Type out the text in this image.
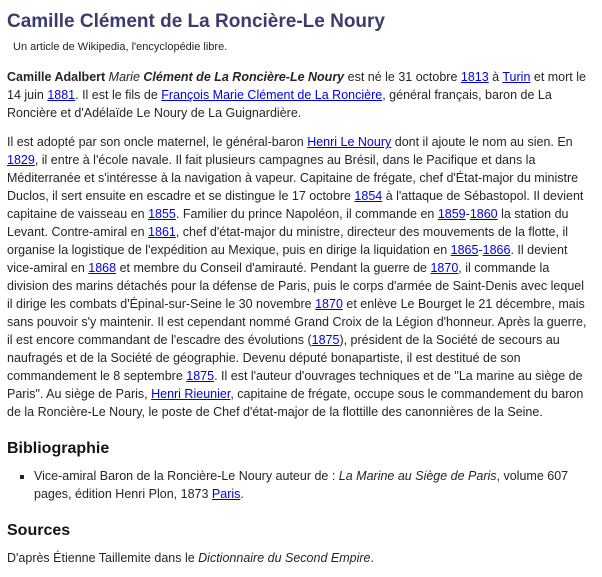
Camille Clément de La Roncière-Le Noury

Un article de Wikipedia, l'encyclopédie libre.

Camille Adalbert Marie Clément de La Roncière-Le Noury est né le 31 octobre 1813 à Turin et mort le 14 juin 1881. Il est le fils de François Marie Clément de La Roncière, général français, baron de La Roncière et d'Adélaïde Le Noury de La Guignardière.

Il est adopté par son oncle maternel, le général-baron Henri Le Noury dont il ajoute le nom au sien. En 1829, il entre à l'école navale. Il fait plusieurs campagnes au Brésil, dans le Pacifique et dans la Méditerranée et s'intéresse à la navigation à vapeur. Capitaine de frégate, chef d'État-major du ministre Duclos, il sert ensuite en escadre et se distingue le 17 octobre 1854 à l'attaque de Sébastopol. Il devient capitaine de vaisseau en 1855. Familier du prince Napoléon, il commande en 1859-1860 la station du Levant. Contre-amiral en 1861, chef d'état-major du ministre, directeur des mouvements de la flotte, il organise la logistique de l'expédition au Mexique, puis en dirige la liquidation en 1865-1866. Il devient vice-amiral en 1868 et membre du Conseil d'amirauté. Pendant la guerre de 1870, il commande la division des marins détachés pour la défense de Paris, puis le corps d'armée de Saint-Denis avec lequel il dirige les combats d'Épinal-sur-Seine le 30 novembre 1870 et enlève Le Bourget le 21 décembre, mais sans pouvoir s'y maintenir. Il est cependant nommé Grand Croix de la Légion d'honneur. Après la guerre, il est encore commandant de l'escadre des évolutions (1875), président de la Société de secours au naufragés et de la Société de géographie. Devenu député bonapartiste, il est destitué de son commandement le 8 septembre 1875. Il est l'auteur d'ouvrages techniques et de "La marine au siège de Paris". Au siège de Paris, Henri Rieunier, capitaine de frégate, occupe sous le commandement du baron de la Roncière-Le Noury, le poste de Chef d'état-major de la flottille des canonnières de la Seine.

Bibliographie
▪ Vice-amiral Baron de la Roncière-Le Noury auteur de : La Marine au Siège de Paris, volume 607 pages, édition Henri Plon, 1873 Paris.
Sources

D'après Étienne Taillemite dans le Dictionnaire du Second Empire.
